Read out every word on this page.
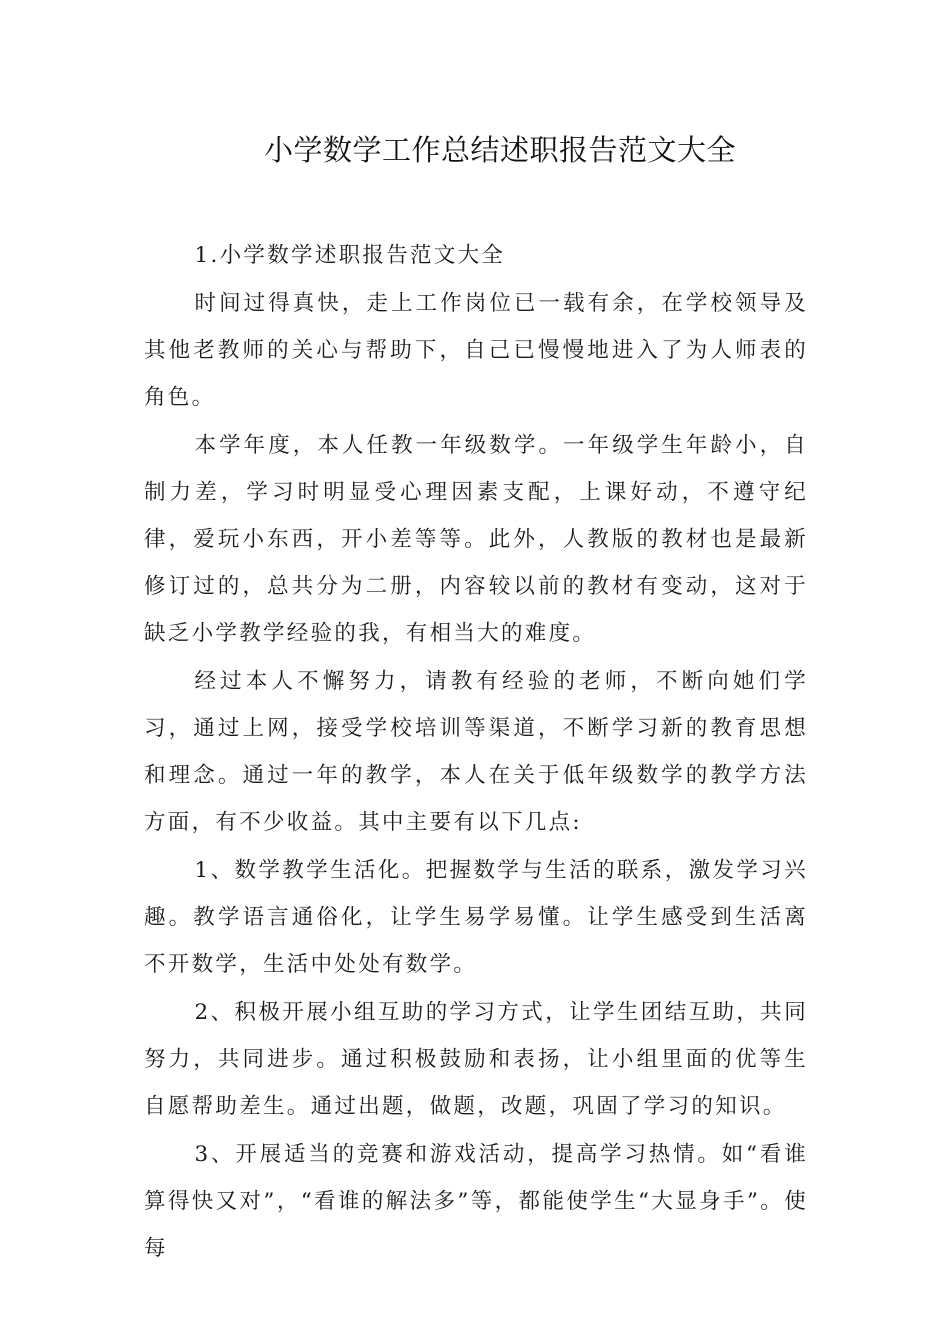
小学数学工作总结述职报告范文大全

1.小学数学述职报告范文大全

时间过得真快，走上工作岗位已一载有余，在学校领导及其他老教师的关心与帮助下，自己已慢慢地进入了为人师表的角色。

本学年度，本人任教一年级数学。一年级学生年龄小，自制力差，学习时明显受心理因素支配，上课好动，不遵守纪律，爱玩小东西，开小差等等。此外，人教版的教材也是最新修订过的，总共分为二册，内容较以前的教材有变动，这对于缺乏小学教学经验的我，有相当大的难度。

经过本人不懈努力，请教有经验的老师，不断向她们学习，通过上网，接受学校培训等渠道，不断学习新的教育思想和理念。通过一年的教学，本人在关于低年级数学的教学方法方面，有不少收益。其中主要有以下几点:

1、数学教学生活化。把握数学与生活的联系，激发学习兴趣。教学语言通俗化，让学生易学易懂。让学生感受到生活离不开数学，生活中处处有数学。

2、积极开展小组互助的学习方式，让学生团结互助，共同努力，共同进步。通过积极鼓励和表扬，让小组里面的优等生自愿帮助差生。通过出题，做题，改题，巩固了学习的知识。

3、开展适当的竞赛和游戏活动，提高学习热情。如“看谁算得快又对”，“看谁的解法多”等，都能使学生“大显身手”。使每
